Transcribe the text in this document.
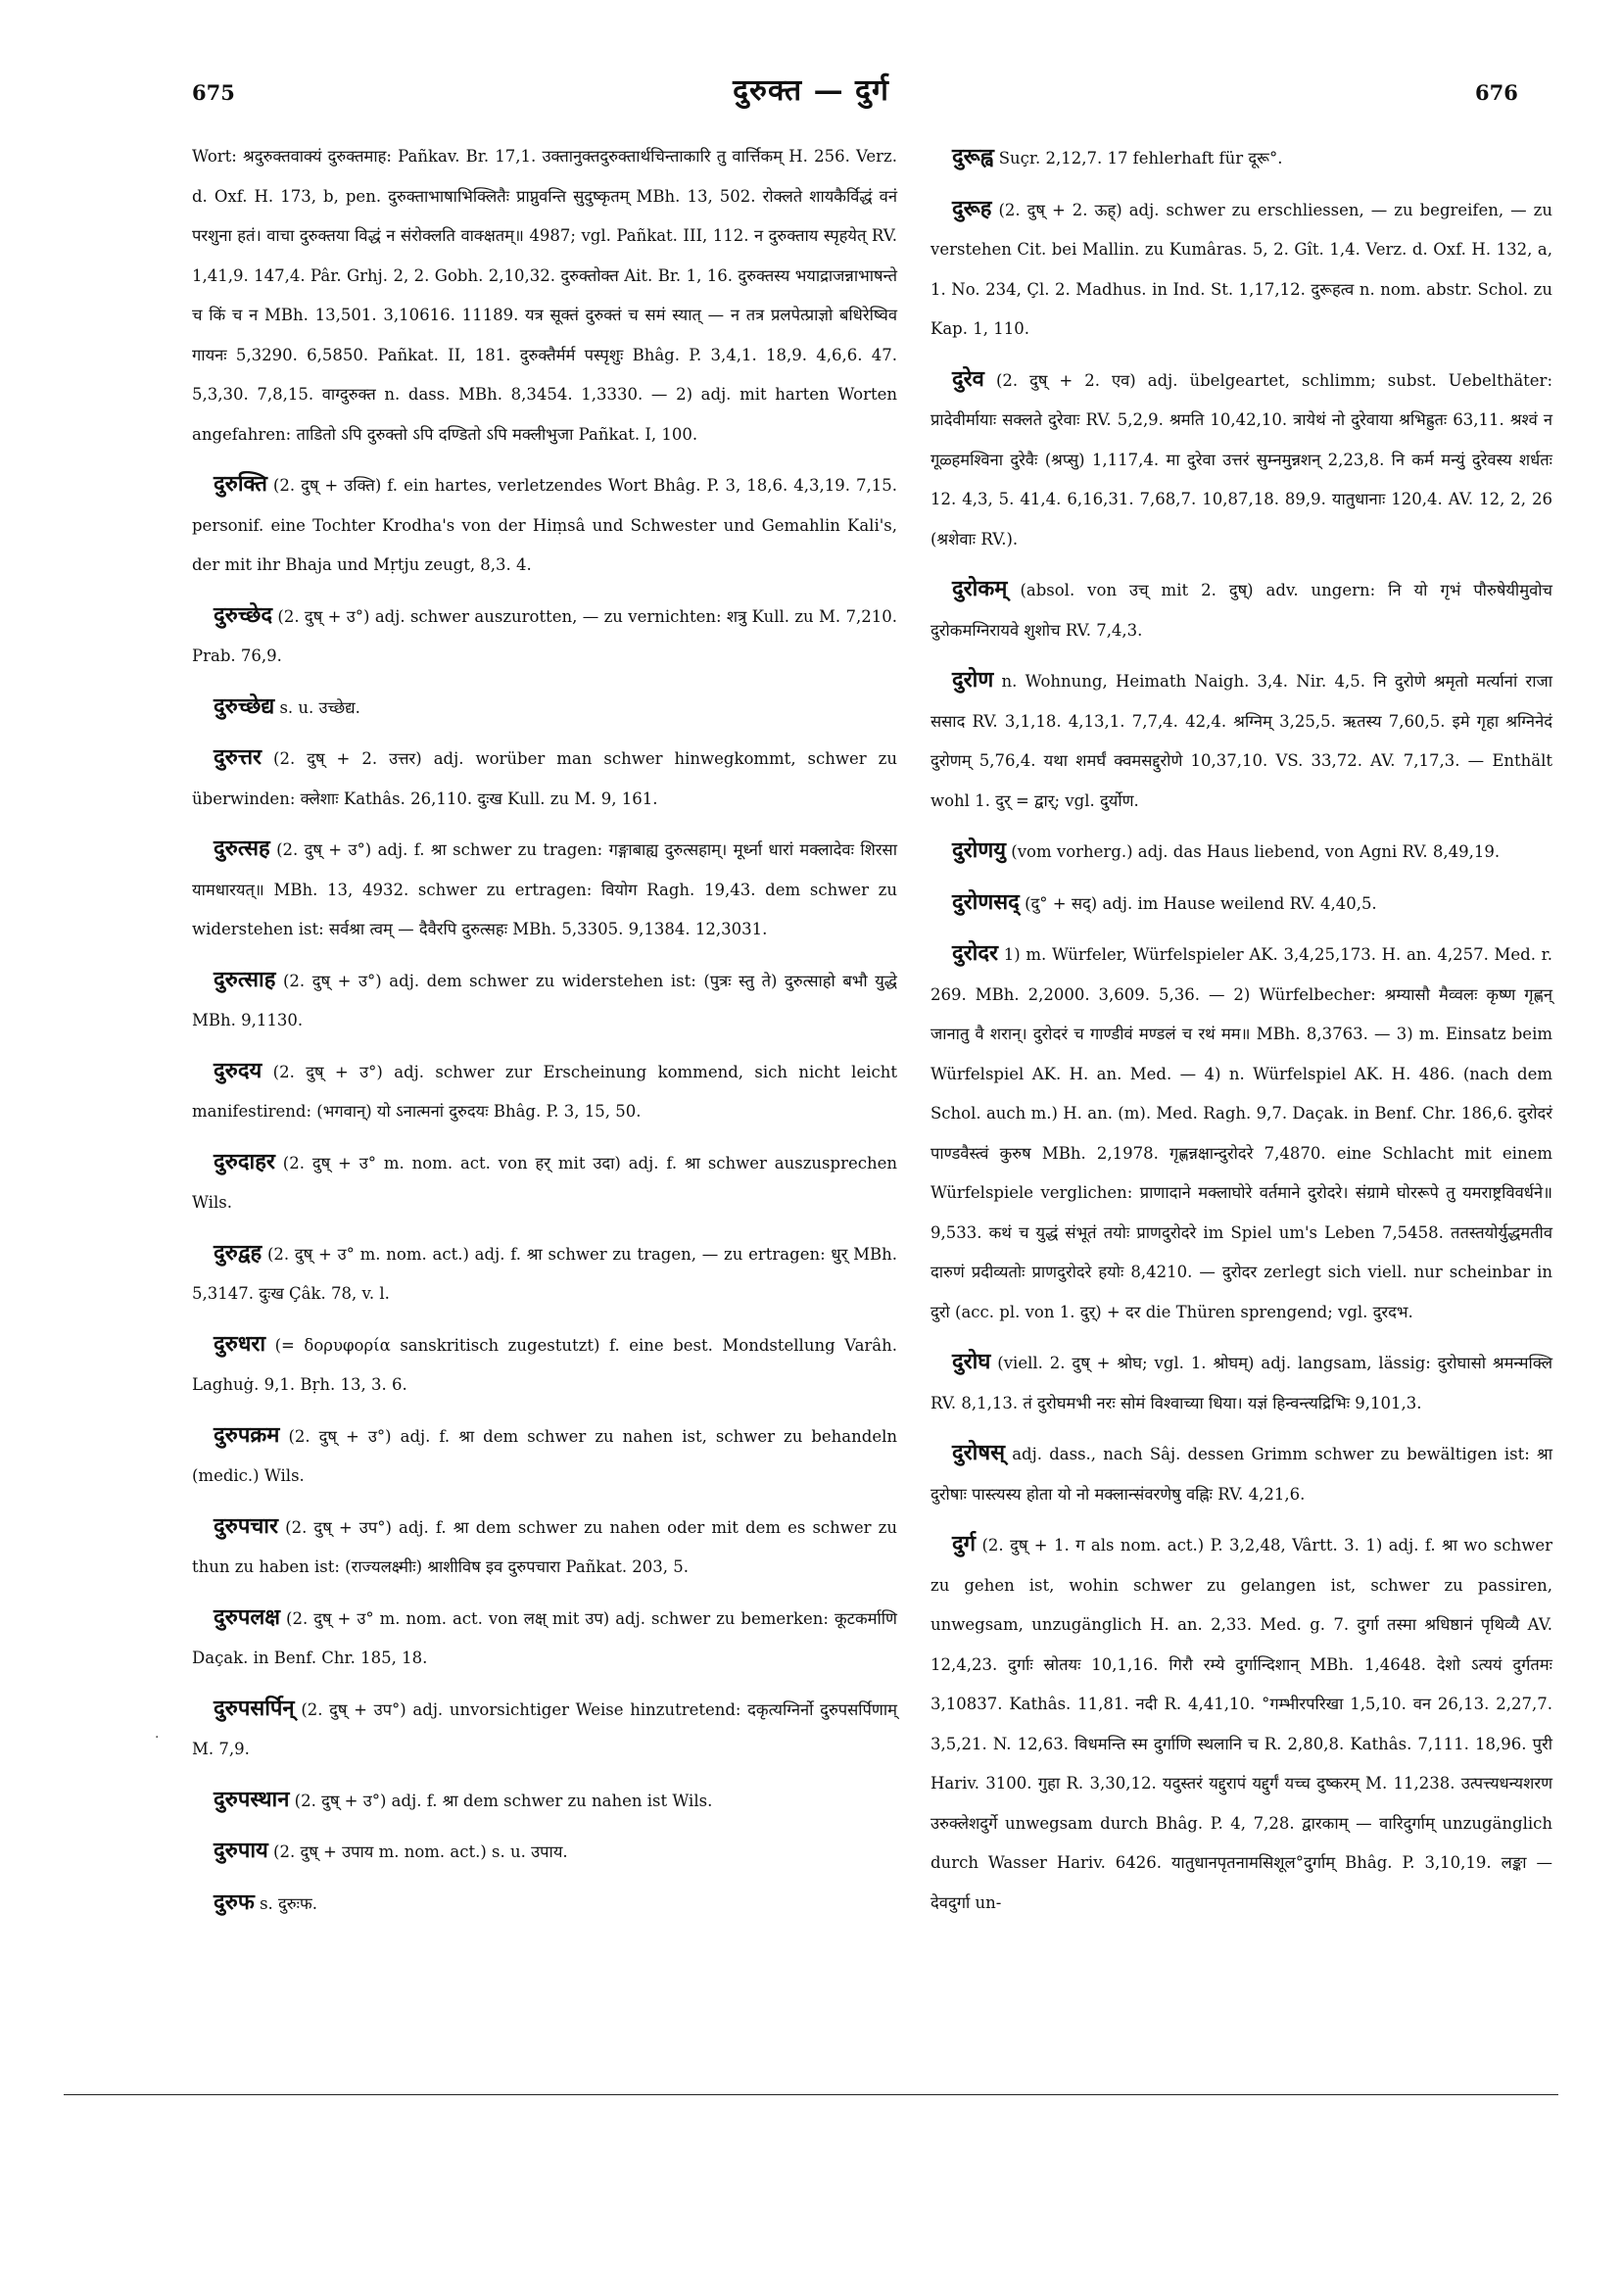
675	दुरुक्त — दुर्ग	676

Wort: श्रदुरुक्तवाक्यं दुरुक्तमाह: Pañkav. Br. 17,1. उक्तानुक्तदुरुक्तार्थचिन्ताकारि तु वार्त्तिकम् H. 256. Verz. d. Oxf. H. 173, b, pen. दुरुक्ताभाषाभिक्लितैः प्राप्नुवन्ति सुदुष्कृतम् MBh. 13, 502. रोक्लते शायकैर्विद्धं वनं परशुना हतं। वाचा दुरुक्तया विद्धं न संरोक्लति वाक्क्षतम्॥ 4987; vgl. Pañkat. III, 112. न दुरुक्ताय स्पृहयेत् RV. 1,41,9. 147,4. Pâr. Grhj. 2, 2. Gobh. 2,10,32. दुरुक्तोक्त Ait. Br. 1, 16. दुरुक्तस्य भयाद्राजन्नाभाषन्ते च किं च न MBh. 13,501. 3,10616. 11189. यत्र सूक्तं दुरुक्तं च समं स्यात् — न तत्र प्रलपेत्प्राज्ञो बधिरेष्विव गायनः 5,3290. 6,5850. Pañkat. II, 181. दुरुक्तैर्मर्म पस्पृशुः Bhâg. P. 3,4,1. 18,9. 4,6,6. 47. 5,3,30. 7,8,15. वाग्दुरुक्त n. dass. MBh. 8,3454. 1,3330. — 2) adj. mit harten Worten angefahren: ताडितो ऽपि दुरुक्तो ऽपि दण्डितो ऽपि मक्लीभुजा Pañkat. I, 100.

दुरुक्ति (2. दुष् + उक्ति) f. ein hartes, verletzendes Wort Bhâg. P. 3, 18,6. 4,3,19. 7,15. personif. eine Tochter Krodha's von der Hiṃsâ und Schwester und Gemahlin Kali's, der mit ihr Bhaja und Mṛtju zeugt, 8,3. 4.

दुरुच्छेद (2. दुष् + उ°) adj. schwer auszurotten, — zu vernichten: शत्रु Kull. zu M. 7,210. Prab. 76,9.

दुरुच्छेद्य s. u. उच्छेद्य.

दुरुत्तर (2. दुष् + 2. उत्तर) adj. worüber man schwer hinwegkommt, schwer zu überwinden: क्लेशाः Kathâs. 26,110. दुःख Kull. zu M. 9, 161.

दुरुत्सह (2. दुष् + उ°) adj. f. श्रा schwer zu tragen: गङ्गाबाह्य दुरुत्सहाम्। मूर्ध्ना धारां मक्लादेवः शिरसा यामधारयत्॥ MBh. 13, 4932. schwer zu ertragen: वियोग Ragh. 19,43. dem schwer zu widerstehen ist: सर्वश्रा त्वम् — दैवैरपि दुरुत्सहः MBh. 5,3305. 9,1384. 12,3031.

दुरुत्साह (2. दुष् + उ°) adj. dem schwer zu widerstehen ist: (पुत्रः स्तु ते) दुरुत्साहो बभौ युद्धे MBh. 9,1130.

दुरुदय (2. दुष् + उ°) adj. schwer zur Erscheinung kommend, sich nicht leicht manifestirend: (भगवान्) यो ऽनात्मनां दुरुदयः Bhâg. P. 3, 15, 50.

दुरुदाहर (2. दुष् + उ° m. nom. act. von हर् mit उदा) adj. f. श्रा schwer auszusprechen Wils.

दुरुद्वह (2. दुष् + उ° m. nom. act.) adj. f. श्रा schwer zu tragen, — zu ertragen: धुर् MBh. 5,3147. दुःख Çâk. 78, v. l.

दुरुधरा (= δορυφορία sanskritisch zugestutzt) f. eine best. Mondstellung Varâh. Laghuġ. 9,1. Bṛh. 13, 3. 6.

दुरुपक्रम (2. दुष् + उ°) adj. f. श्रा dem schwer zu nahen ist, schwer zu behandeln (medic.) Wils.

दुरुपचार (2. दुष् + उप°) adj. f. श्रा dem schwer zu nahen oder mit dem es schwer zu thun zu haben ist: (राज्यलक्ष्मीः) श्राशीविष इव दुरुपचारा Pañkat. 203, 5.

दुरुपलक्ष (2. दुष् + उ° m. nom. act. von लक्ष् mit उप) adj. schwer zu bemerken: कूटकर्माणि Daçak. in Benf. Chr. 185, 18.

दुरुपसर्पिन् (2. दुष् + उप°) adj. unvorsichtiger Weise hinzutretend: दकृत्यग्निर्नो दुरुपसर्पिणाम् M. 7,9.

दुरुपस्थान (2. दुष् + उ°) adj. f. श्रा dem schwer zu nahen ist Wils.

दुरुपाय (2. दुष् + उपाय m. nom. act.) s. u. उपाय.

दुरुफ s. दुरुःफ.

दुरूह्व Suçr. 2,12,7. 17 fehlerhaft für दूरू°.

दुरूह (2. दुष् + 2. ऊह्) adj. schwer zu erschliessen, — zu begreifen, — zu verstehen Cit. bei Mallin. zu Kumâras. 5, 2. Gît. 1,4. Verz. d. Oxf. H. 132, a, 1. No. 234, Çl. 2. Madhus. in Ind. St. 1,17,12. दुरूहत्व n. nom. abstr. Schol. zu Kap. 1, 110.

दुरेव (2. दुष् + 2. एव) adj. übelgeartet, schlimm; subst. Uebelthäter: प्रादेवीर्मायाः सक्लते दुरेवाः RV. 5,2,9. श्रमति 10,42,10. त्रायेथं नो दुरेवाया श्रभिह्रुतः 63,11. श्रश्वं न गूळ्हमश्विना दुरेवैः (श्रप्सु) 1,117,4. मा दुरेवा उत्तरं सुम्नमुन्नशन् 2,23,8. नि कर्म मन्युं दुरेवस्य शर्धतः 12. 4,3, 5. 41,4. 6,16,31. 7,68,7. 10,87,18. 89,9. यातुधानाः 120,4. AV. 12, 2, 26 (श्रशेवाः RV.).

दुरोकम् (absol. von उच् mit 2. दुष्) adv. ungern: नि यो गृभं पौरुषेयीमुवोच दुरोकमग्निरायवे शुशोच RV. 7,4,3.

दुरोण n. Wohnung, Heimath Naigh. 3,4. Nir. 4,5. नि दुरोणे श्रमृतो मर्त्यानां राजा ससाद RV. 3,1,18. 4,13,1. 7,7,4. 42,4. श्रग्निम् 3,25,5. ऋतस्य 7,60,5. इमे गृहा श्रग्निनेदं दुरोणम् 5,76,4. यथा शमर्घं क्वमसद्दुरोणे 10,37,10. VS. 33,72. AV. 7,17,3. — Enthält wohl 1. दुर् = द्वार्; vgl. दुर्योण.

दुरोणयु (vom vorherg.) adj. das Haus liebend, von Agni RV. 8,49,19.

दुरोणसद् (दु° + सद्) adj. im Hause weilend RV. 4,40,5.

दुरोदर 1) m. Würfeler, Würfelspieler AK. 3,4,25,173. H. an. 4,257. Med. r. 269. MBh. 2,2000. 3,609. 5,36. — 2) Würfelbecher: श्रम्यासौ मैव्वलः कृष्ण गृह्णन् जानातु वै शरान्। दुरोदरं च गाण्डीवं मण्डलं च रथं मम॥ MBh. 8,3763. — 3) m. Einsatz beim Würfelspiel AK. H. an. Med. — 4) n. Würfelspiel AK. H. 486. (nach dem Schol. auch m.) H. an. (m). Med. Ragh. 9,7. Daçak. in Benf. Chr. 186,6. दुरोदरं पाण्डवैस्त्वं कुरुष MBh. 2,1978. गृह्णन्नक्षान्दुरोदरे 7,4870. eine Schlacht mit einem Würfelspiele verglichen: प्राणादाने मक्लाघोरे वर्तमाने दुरोदरे। संग्रामे घोररूपे तु यमराष्ट्रविवर्धने॥ 9,533. कथं च युद्धं संभूतं तयोः प्राणदुरोदरे im Spiel um's Leben 7,5458. ततस्तयोर्युद्धमतीव दारुणं प्रदीव्यतोः प्राणदुरोदरे हयोः 8,4210. — दुरोदर zerlegt sich viell. nur scheinbar in दुरो (acc. pl. von 1. दुर्) + दर die Thüren sprengend; vgl. दुरदभ.

दुरोघ (viell. 2. दुष् + श्रोघ; vgl. 1. श्रोघम्) adj. langsam, lässig: दुरोघासो श्रमन्मक्लि RV. 8,1,13. तं दुरोघमभी नरः सोमं विश्वाच्या धिया। यज्ञं हिन्वन्त्यद्रिभिः 9,101,3.

दुरोषस् adj. dass., nach Sâj. dessen Grimm schwer zu bewältigen ist: श्रा दुरोषाः पास्त्यस्य होता यो नो मक्लान्संवरणेषु वह्निः RV. 4,21,6.

दुर्ग (2. दुष् + 1. ग als nom. act.) P. 3,2,48, Vârtt. 3. 1) adj. f. श्रा wo schwer zu gehen ist, wohin schwer zu gelangen ist, schwer zu passiren, unwegsam, unzugänglich H. an. 2,33. Med. g. 7. दुर्गा तस्मा श्रधिष्ठानं पृथिव्यै AV. 12,4,23. दुर्गाः स्रोतयः 10,1,16. गिरौ रम्ये दुर्गान्दिशान् MBh. 1,4648. देशो ऽत्ययं दुर्गतमः 3,10837. Kathâs. 11,81. नदी R. 4,41,10. °गम्भीरपरिखा 1,5,10. वन 26,13. 2,27,7. 3,5,21. N. 12,63. विधमन्ति स्म दुर्गाणि स्थलानि च R. 2,80,8. Kathâs. 7,111. 18,96. पुरी Hariv. 3100. गुहा R. 3,30,12. यदुस्तरं यद्दुरापं यद्दुर्गं यच्च दुष्करम् M. 11,238. उत्पत्त्यधन्यशरण उरुक्लेशदुर्गे unwegsam durch Bhâg. P. 4, 7,28. द्वारकाम् — वारिदुर्गाम् unzugänglich durch Wasser Hariv. 6426. यातुधानपृतनामसिशूल°दुर्गाम् Bhâg. P. 3,10,19. लङ्का — देवदुर्गा un-

·
